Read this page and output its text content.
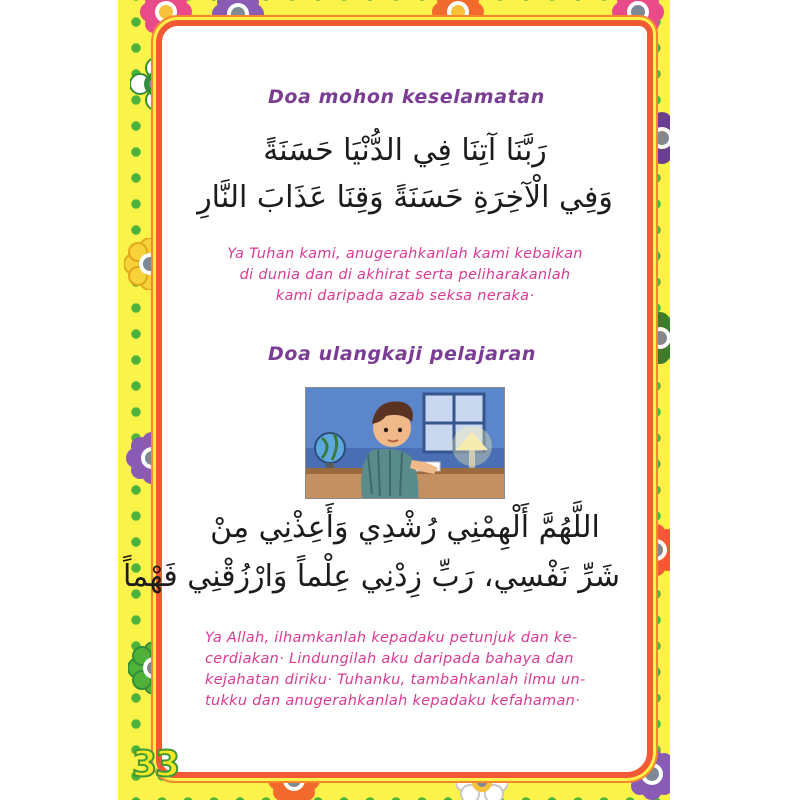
Doa mohon keselamatan

رَبَّنَا آتِنَا فِي الدُّنْيَا حَسَنَةً

وَفِي الْآخِرَةِ حَسَنَةً وَقِنَا عَذَابَ النَّارِ

Ya Tuhan kami, anugerahkanlah kami kebaikan
di dunia dan di akhirat serta peliharakanlah
kami daripada azab seksa neraka·
Doa ulangkaji pelajaran

اللَّهُمَّ أَلْهِمْنِي رُشْدِي وَأَعِذْنِي مِنْ

شَرِّ نَفْسِي، رَبِّ زِدْنِي عِلْماً وَارْزُقْنِي فَهْماً

Ya Allah, ilhamkanlah kepadaku petunjuk dan ke-
cerdiakan· Lindungilah aku daripada bahaya dan
kejahatan diriku· Tuhanku, tambahkanlah ilmu un-
tukku dan anugerahkanlah kepadaku kefahaman·
33
